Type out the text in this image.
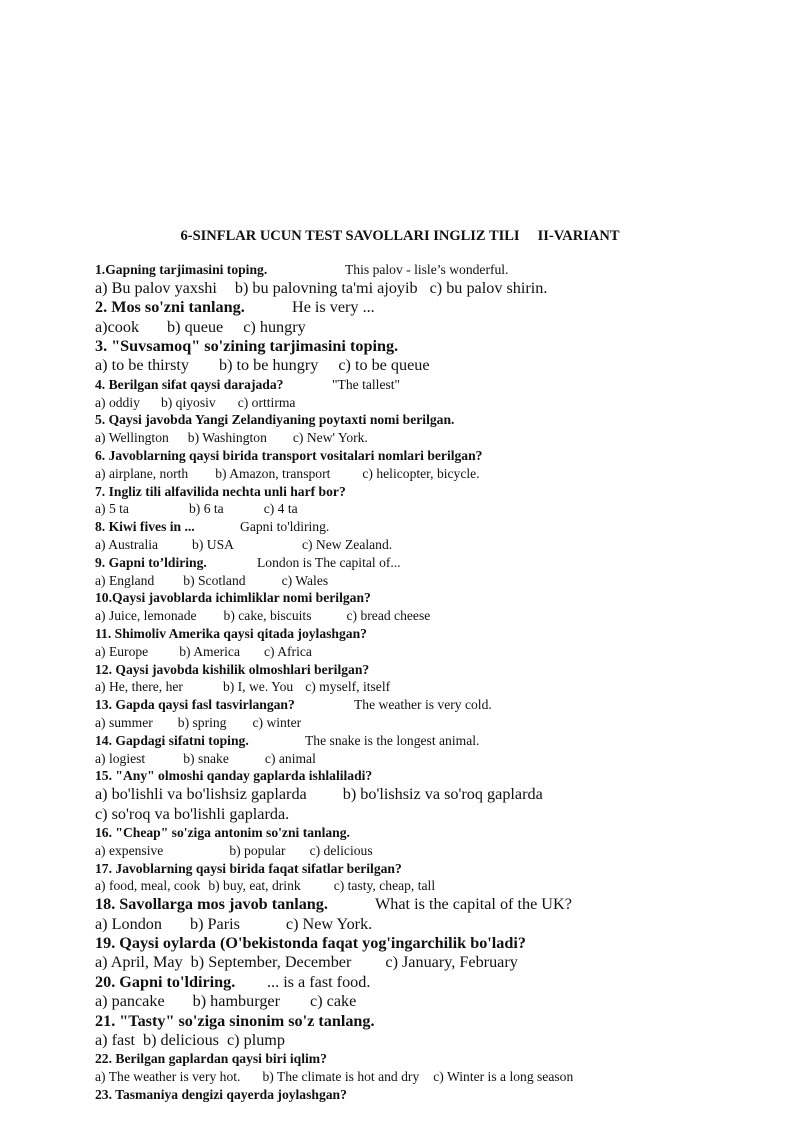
6-SINFLAR UCUN TEST SAVOLLARI INGLIZ TILI II-VARIANT
1.Gapning tarjimasini toping.	This palov - lisle’s wonderful.
a) Bu palov yaxshi b) bu palovning ta'mi ajoyib c) bu palov shirin.
2. Mos so'zni tanlang.	He is very ...
a)cook b) queue c) hungry
3. "Suvsamoq" so'zining tarjimasini toping.
a) to be thirsty b) to be hungry c) to be queue
4. Berilgan sifat qaysi darajada?	"The tallest"
a) oddiy b) qiyosiv c) orttirma
5. Qaysi javobda Yangi Zelandiyaning poytaxti nomi berilgan.
a) Wellington b) Washington c) New' York.
6. Javoblarning qaysi birida transport vositalari nomlari berilgan?
a) airplane, north b) Amazon, transport c) helicopter, bicycle.
7. Ingliz tili alfavilida nechta unli harf bor?
a) 5 ta	b) 6 ta	c) 4 ta
8. Kiwi fives in ...	Gapni to'ldiring.
a) Australia	b) USA	c) New Zealand.
9. Gapni to’ldiring.	London is The capital of...
a) England b) Scotland	c) Wales
10.Qaysi javoblarda ichimliklar nomi berilgan?
a) Juice, lemonade b) cake, biscuits	c) bread cheese
11. Shimoliv Amerika qaysi qitada joylashgan?
a) Europe b) America c) Africa
12. Qaysi javobda kishilik olmoshlari berilgan?
a) He, there, her	b) I, we. You c) myself, itself
13. Gapda qaysi fasl tasvirlangan?	The weather is very cold.
a) summer b) spring c) winter
14. Gapdagi sifatni toping.	The snake is the longest animal.
a) logiest	b) snake	c) animal
15. "Any" olmoshi qanday gaplarda ishlaliladi?
a) bo'lishli va bo'lishsiz gaplarda b) bo'lishsiz va so'roq gaplarda
c) so'roq va bo'lishli gaplarda.
16. "Cheap" so'ziga antonim so'zni tanlang.
a) expensive	b) popular c) delicious
17. Javoblarning qaysi birida faqat sifatlar berilgan?
a) food, meal, cook b) buy, eat, drink c) tasty, cheap, tall
18. Savollarga mos javob tanlang.	What is the capital of the UK?
a) London b) Paris	c) New York.
19. Qaysi oylarda (O'bekistonda faqat yog'ingarchilik bo'ladi?
a) April, May b) September, December c) January, February
20. Gapni to'ldiring. ... is a fast food.
a) pancake b) hamburger c) cake
21. "Tasty" so'ziga sinonim so'z tanlang.
a) fast b) delicious c) plump
22. Berilgan gaplardan qaysi biri iqlim?
a) The weather is very hot. b) The climate is hot and dry c) Winter is a long season
23. Tasmaniya dengizi qayerda joylashgan?
